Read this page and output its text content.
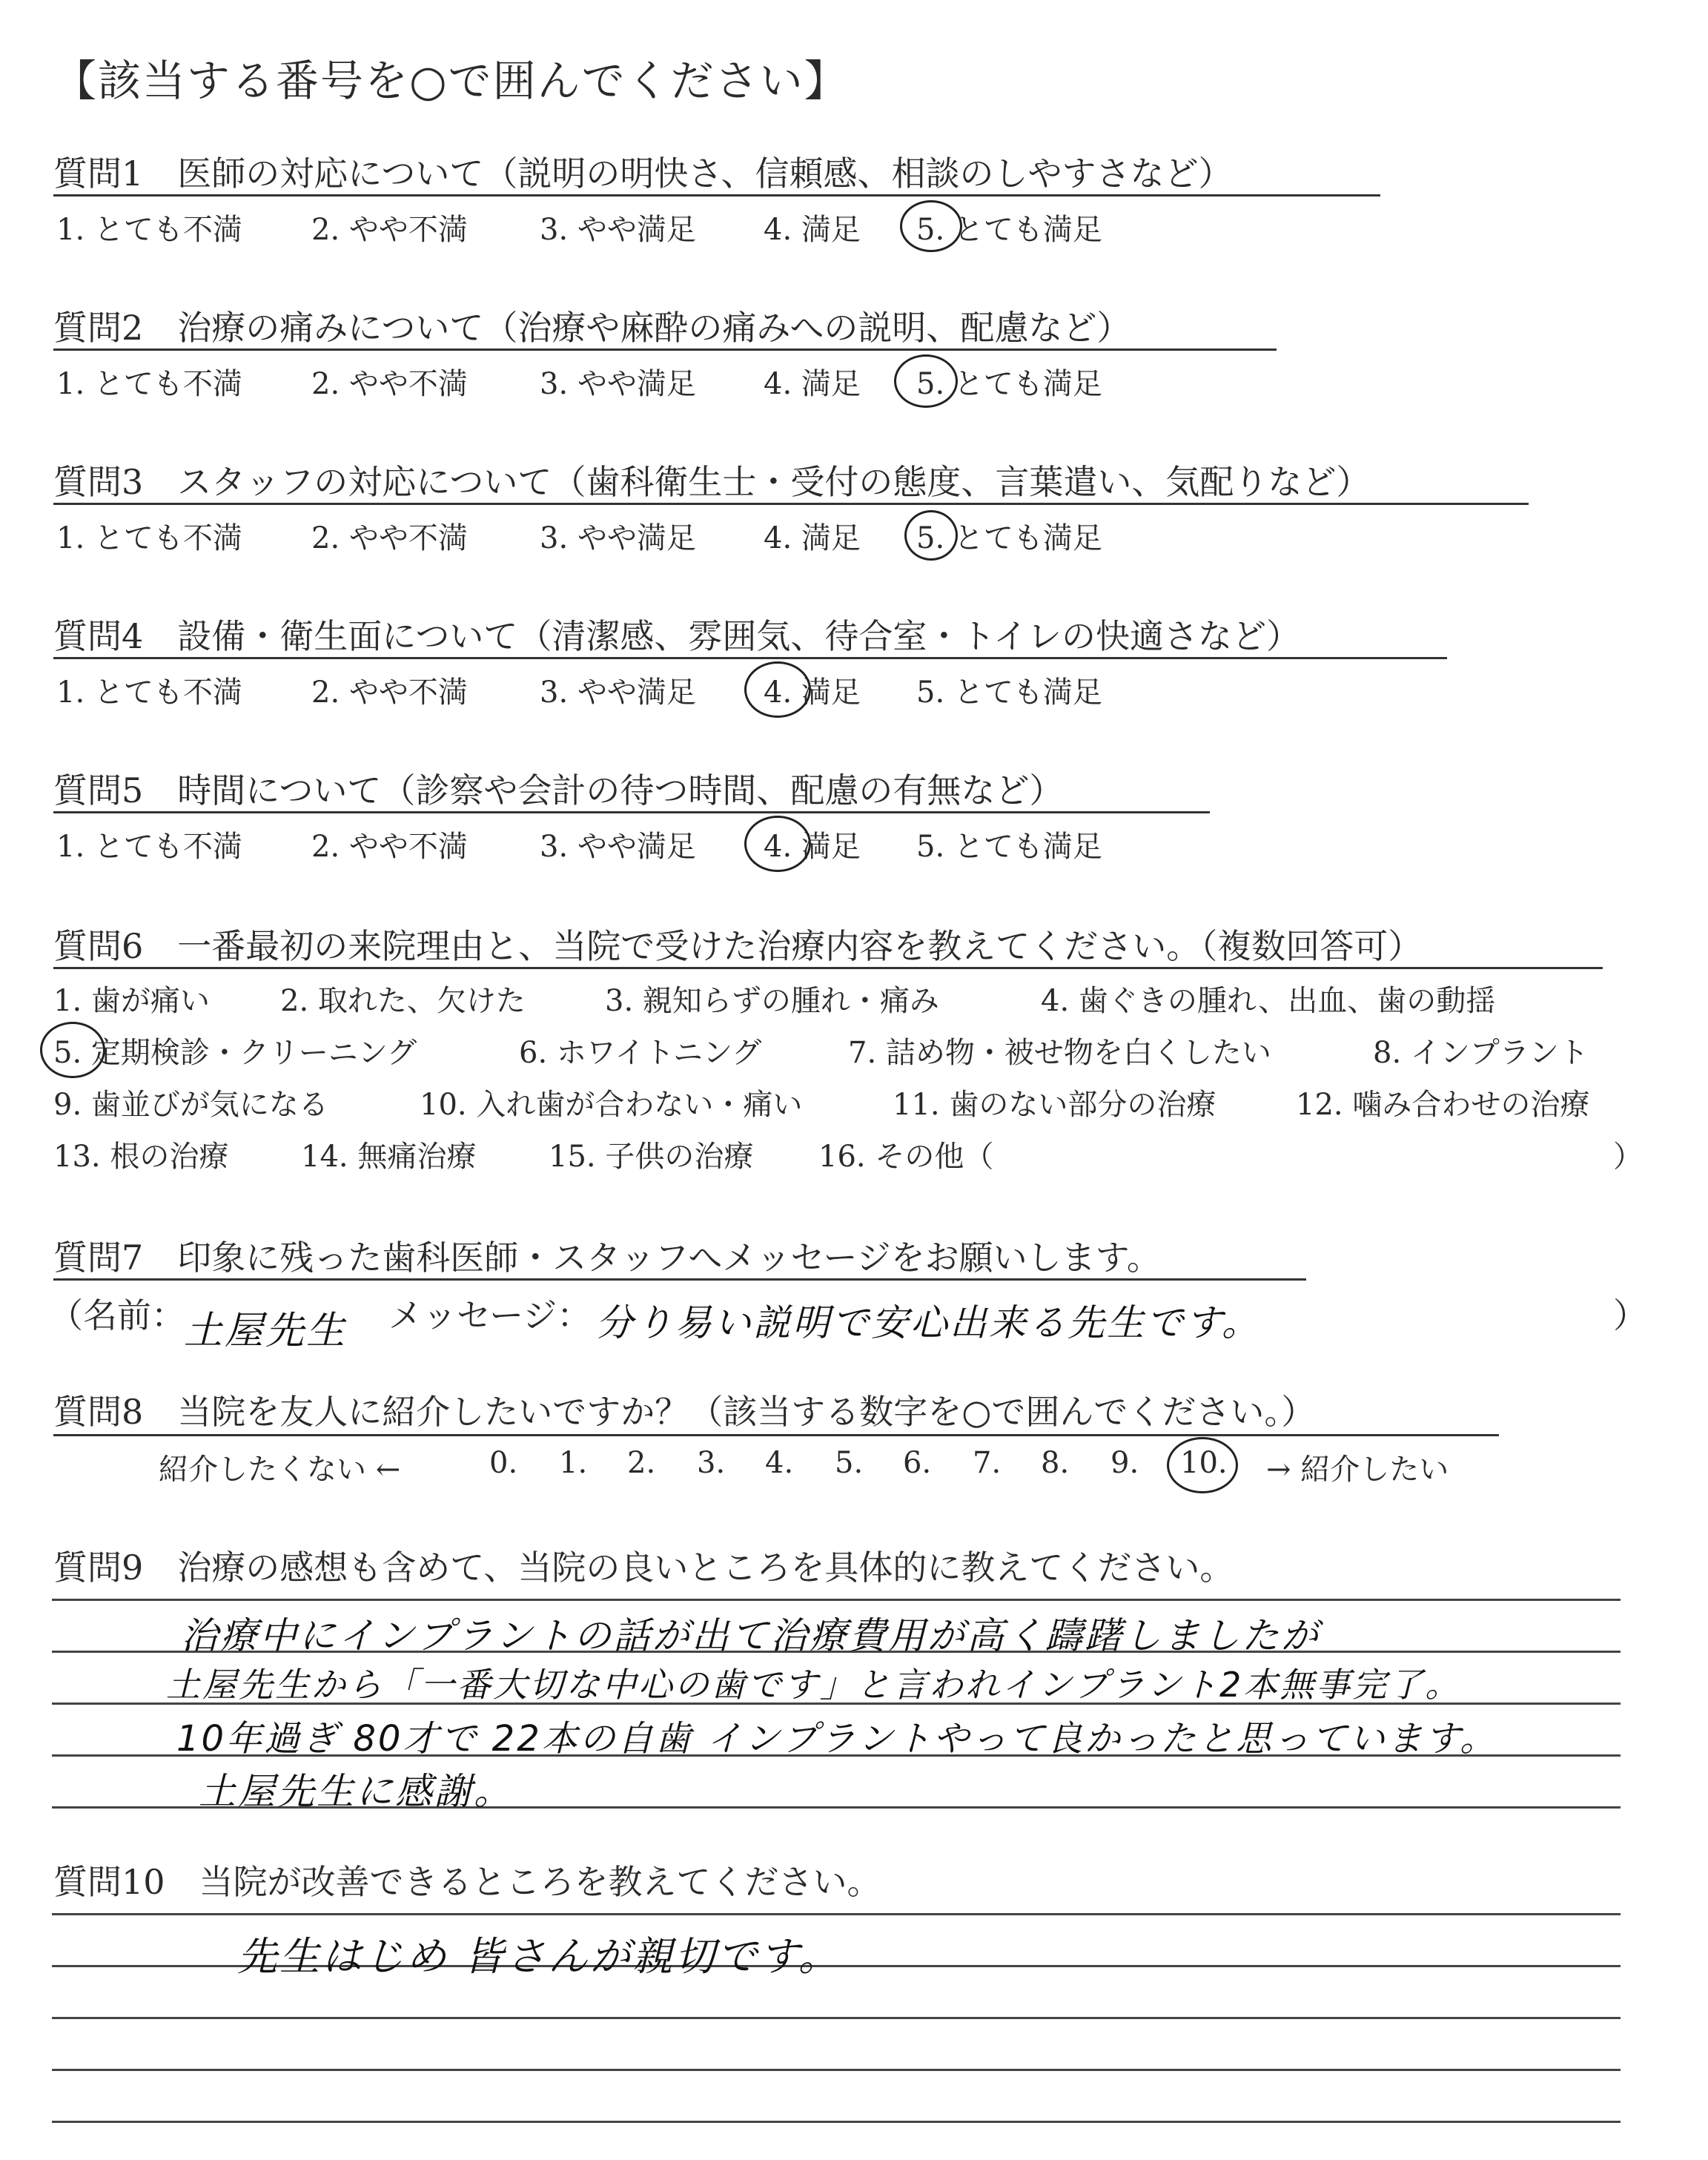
【該当する番号を○で囲んでください】
質問1　医師の対応について（説明の明快さ、信頼感、相談のしやすさなど）
1. とても不満 2. やや不満 3. やや満足 4. 満足 5. とても満足
質問2　治療の痛みについて（治療や麻酔の痛みへの説明、配慮など）
1. とても不満 2. やや不満 3. やや満足 4. 満足 5. とても満足
質問3　スタッフの対応について（歯科衛生士・受付の態度、言葉遣い、気配りなど）
1. とても不満 2. やや不満 3. やや満足 4. 満足 5. とても満足
質問4　設備・衛生面について（清潔感、雰囲気、待合室・トイレの快適さなど）
1. とても不満 2. やや不満 3. やや満足 4. 満足 5. とても満足
質問5　時間について（診察や会計の待つ時間、配慮の有無など）
1. とても不満 2. やや不満 3. やや満足 4. 満足 5. とても満足
質問6　一番最初の来院理由と、当院で受けた治療内容を教えてください。（複数回答可）
1. 歯が痛い 2. 取れた、欠けた	3. 親知らずの腫れ・痛み	4. 歯ぐきの腫れ、出血、歯の動揺
5. 定期検診・クリーニング	6. ホワイトニング	7. 詰め物・被せ物を白くしたい	8. インプラント
9. 歯並びが気になる	10. 入れ歯が合わない・痛い	11. 歯のない部分の治療	12. 噛み合わせの治療
13. 根の治療 14. 無痛治療 15. 子供の治療 16. その他（	）
質問7　印象に残った歯科医師・スタッフへメッセージをお願いします。
（名前：
土屋先生 メッセージ： 分り易い説明で安心出来る先生です。	）
質問8　当院を友人に紹介したいですか？（該当する数字を○で囲んでください。）
紹介したくない ←	0. 1. 2. 3. 4. 5. 6. 7. 8. 9. 10. → 紹介したい
質問9　治療の感想も含めて、当院の良いところを具体的に教えてください。
治療中にインプラントの話が出て治療費用が高く躊躇しましたが
土屋先生から「一番大切な中心の歯です」と言われインプラント2本無事完了。
10年過ぎ 80才で 22本の自歯 インプラントやって良かったと思っています。
土屋先生に感謝。
質問10　当院が改善できるところを教えてください。
先生はじめ 皆さんが親切です。
